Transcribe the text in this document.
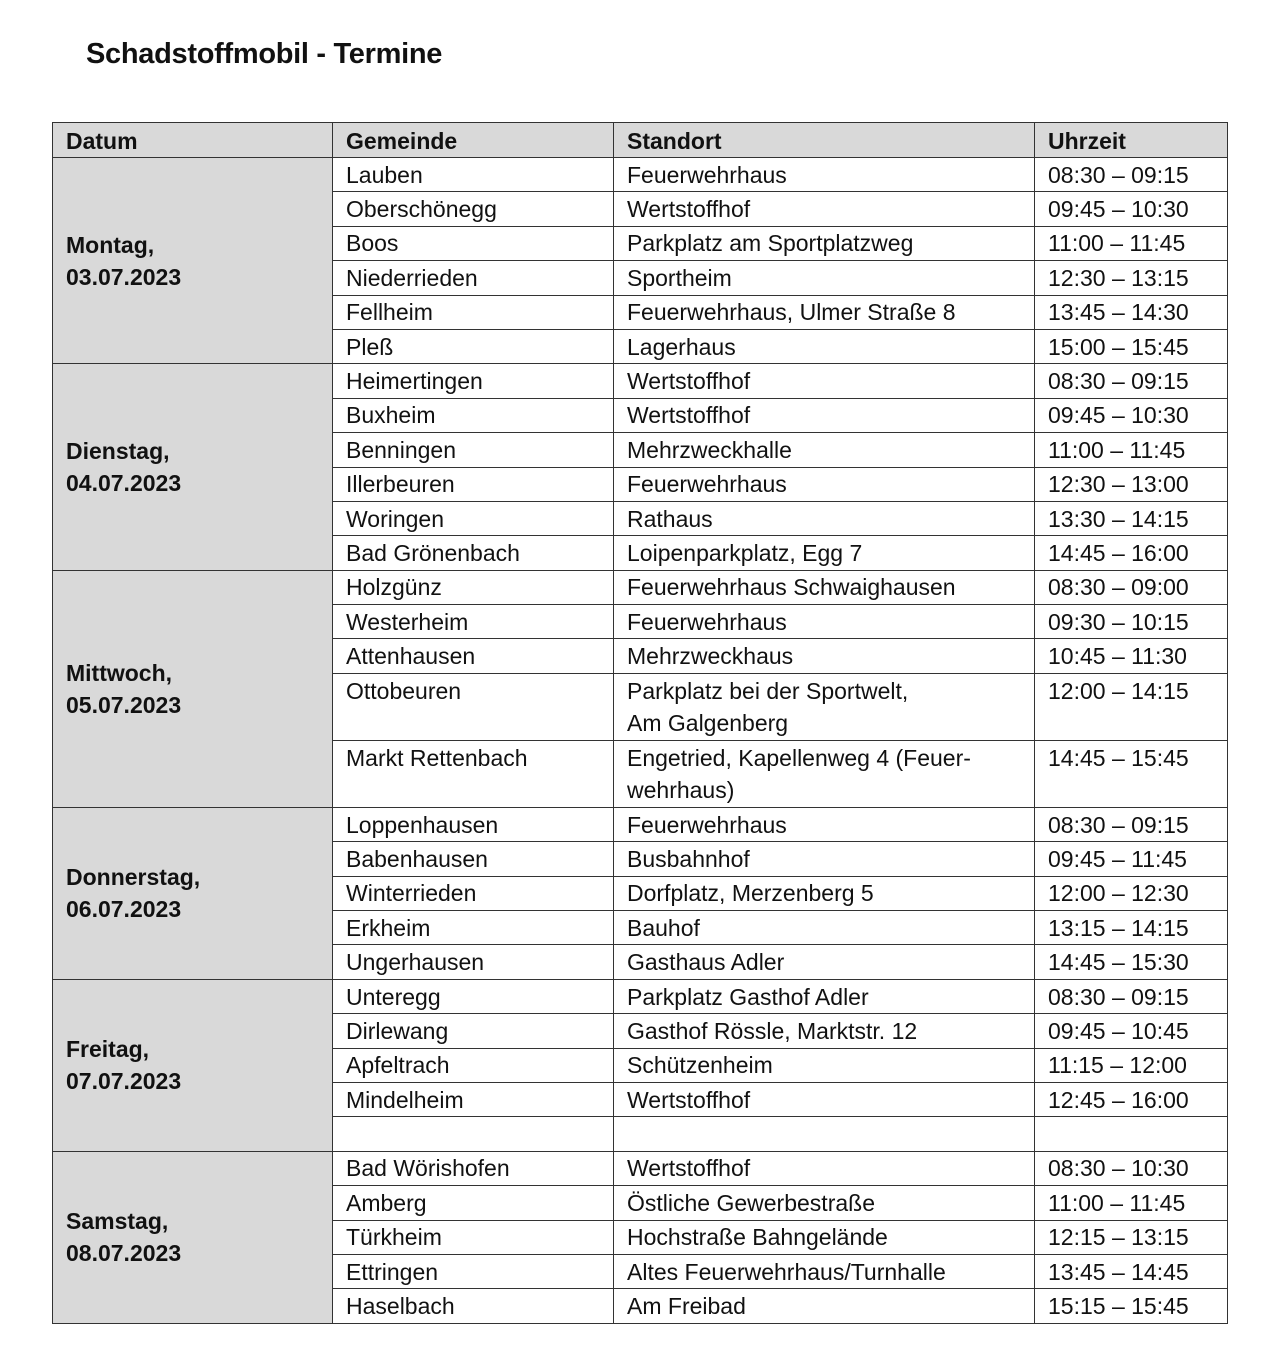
Schadstoffmobil - Termine
Datum	Gemeinde	Standort	Uhrzeit

Montag,
03.07.2023	Lauben	Feuerwehrhaus	08:30 – 09:15
	Oberschönegg	Wertstoffhof	09:45 – 10:30
	Boos	Parkplatz am Sportplatzweg	11:00 – 11:45
	Niederrieden	Sportheim	12:30 – 13:15
	Fellheim	Feuerwehrhaus, Ulmer Straße 8	13:45 – 14:30
	Pleß	Lagerhaus	15:00 – 15:45

Dienstag,
04.07.2023	Heimertingen	Wertstoffhof	08:30 – 09:15
	Buxheim	Wertstoffhof	09:45 – 10:30
	Benningen	Mehrzweckhalle	11:00 – 11:45
	Illerbeuren	Feuerwehrhaus	12:30 – 13:00
	Woringen	Rathaus	13:30 – 14:15
	Bad Grönenbach	Loipenparkplatz, Egg 7	14:45 – 16:00

Mittwoch,
05.07.2023	Holzgünz	Feuerwehrhaus Schwaighausen	08:30 – 09:00
	Westerheim	Feuerwehrhaus	09:30 – 10:15
	Attenhausen	Mehrzweckhaus	10:45 – 11:30
	Ottobeuren	Parkplatz bei der Sportwelt,
Am Galgenberg	12:00 – 14:15
	Markt Rettenbach	Engetried, Kapellenweg 4 (Feuer-
wehrhaus)	14:45 – 15:45

Donnerstag,
06.07.2023	Loppenhausen	Feuerwehrhaus	08:30 – 09:15
	Babenhausen	Busbahnhof	09:45 – 11:45
	Winterrieden	Dorfplatz, Merzenberg 5	12:00 – 12:30
	Erkheim	Bauhof	13:15 – 14:15
	Ungerhausen	Gasthaus Adler	14:45 – 15:30

Freitag,
07.07.2023	Unteregg	Parkplatz Gasthof Adler	08:30 – 09:15
	Dirlewang	Gasthof Rössle, Marktstr. 12	09:45 – 10:45
	Apfeltrach	Schützenheim	11:15 – 12:00
	Mindelheim	Wertstoffhof	12:45 – 16:00

Samstag,
08.07.2023	Bad Wörishofen	Wertstoffhof	08:30 – 10:30
	Amberg	Östliche Gewerbestraße	11:00 – 11:45
	Türkheim	Hochstraße Bahngelände	12:15 – 13:15
	Ettringen	Altes Feuerwehrhaus/Turnhalle	13:45 – 14:45
	Haselbach	Am Freibad	15:15 – 15:45
